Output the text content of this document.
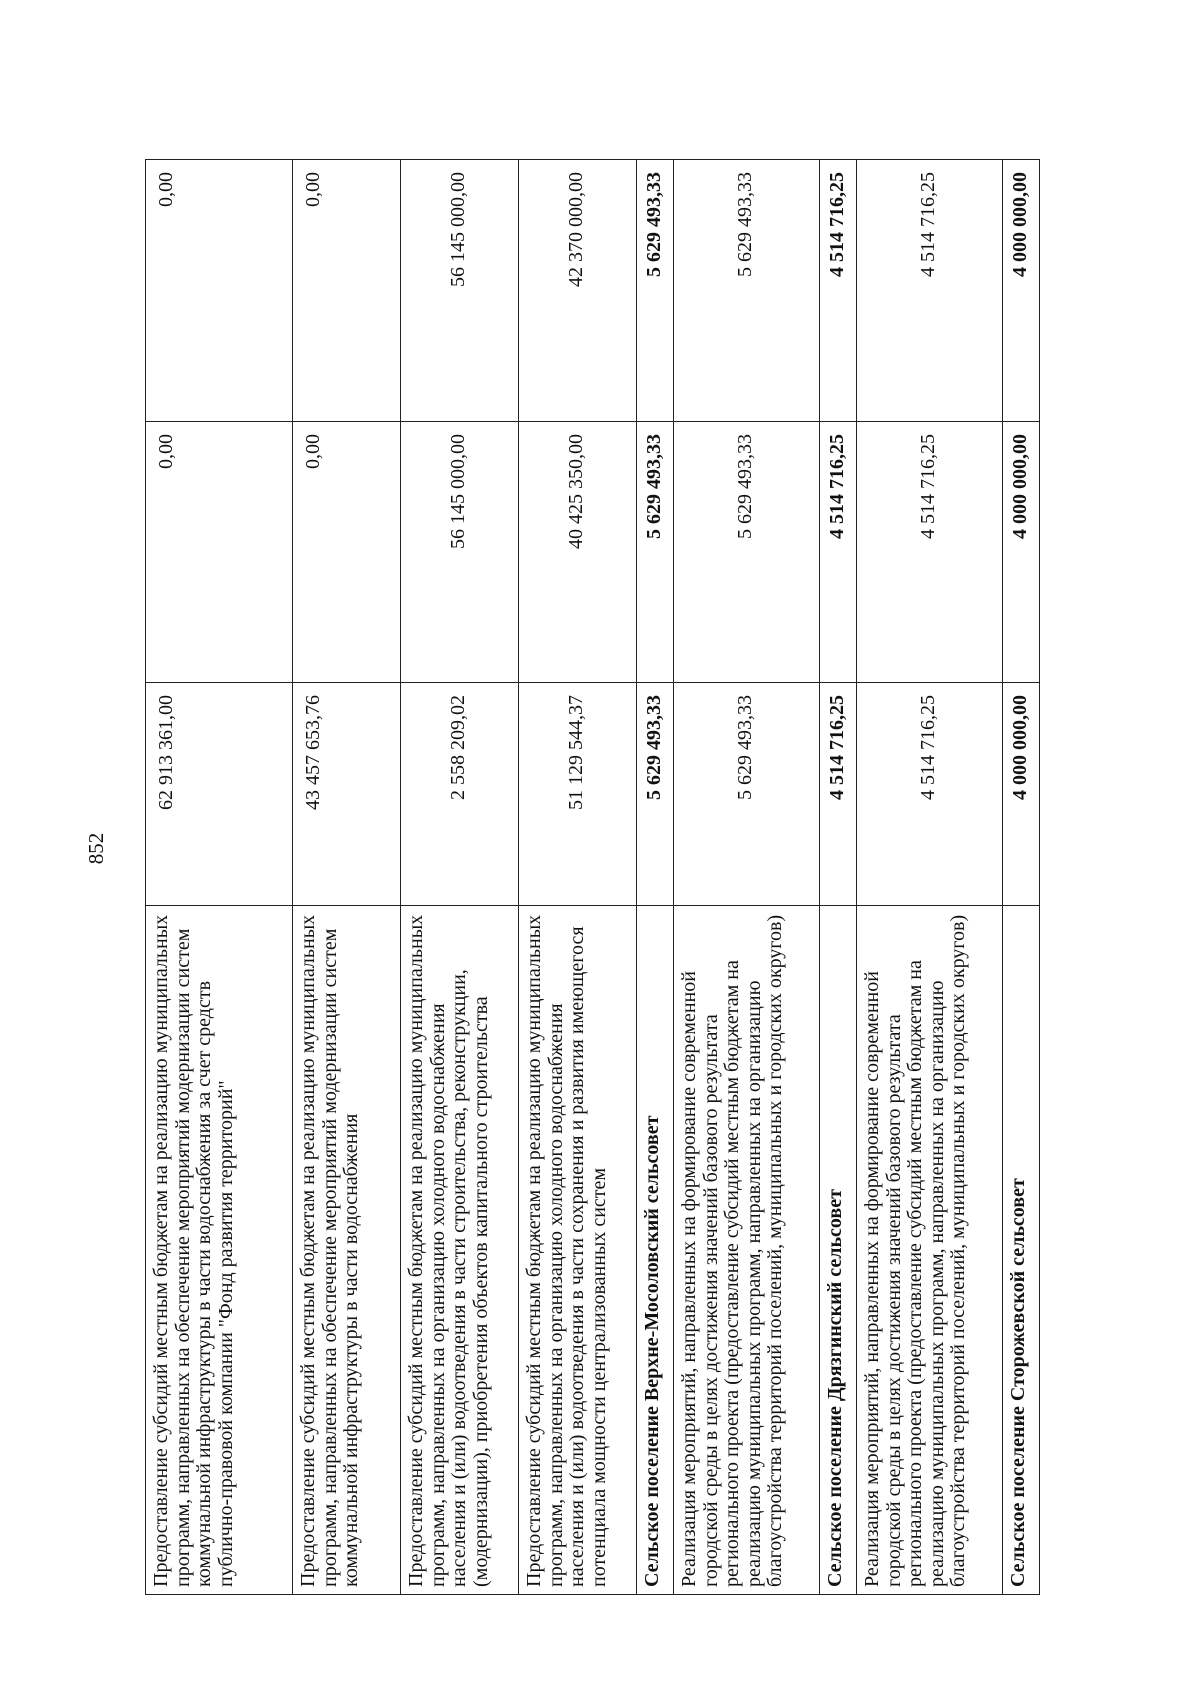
852
Предоставление субсидий местным бюджетам на реализацию муниципальных программ, направленных на обеспечение мероприятий модернизации систем коммунальной инфраструктуры в части водоснабжения за счет средств публично-правовой компании "Фонд развития территорий"	62 913 361,00	0,00	0,00
Предоставление субсидий местным бюджетам на реализацию муниципальных программ, направленных на обеспечение мероприятий модернизации систем коммунальной инфраструктуры в части водоснабжения	43 457 653,76	0,00	0,00
Предоставление субсидий местным бюджетам на реализацию муниципальных программ, направленных на организацию холодного водоснабжения населения и (или) водоотведения в части строительства, реконструкции, (модернизации), приобретения объектов капитального строительства	2 558 209,02	56 145 000,00	56 145 000,00
Предоставление субсидий местным бюджетам на реализацию муниципальных программ, направленных на организацию холодного водоснабжения населения и (или) водоотведения в части сохранения и развития имеющегося потенциала мощности централизованных систем	51 129 544,37	40 425 350,00	42 370 000,00
Сельское поселение Верхне-Мосоловский сельсовет	5 629 493,33	5 629 493,33	5 629 493,33
Реализация мероприятий, направленных на формирование современной городской среды в целях достижения значений базового результата регионального проекта (предоставление субсидий местным бюджетам на реализацию муниципальных программ, направленных на организацию благоустройства территорий поселений, муниципальных и городских округов)	5 629 493,33	5 629 493,33	5 629 493,33
Сельское поселение Дрязгинский сельсовет	4 514 716,25	4 514 716,25	4 514 716,25
Реализация мероприятий, направленных на формирование современной городской среды в целях достижения значений базового результата регионального проекта (предоставление субсидий местным бюджетам на реализацию муниципальных программ, направленных на организацию благоустройства территорий поселений, муниципальных и городских округов)	4 514 716,25	4 514 716,25	4 514 716,25
Сельское поселение Сторожевской сельсовет	4 000 000,00	4 000 000,00	4 000 000,00
